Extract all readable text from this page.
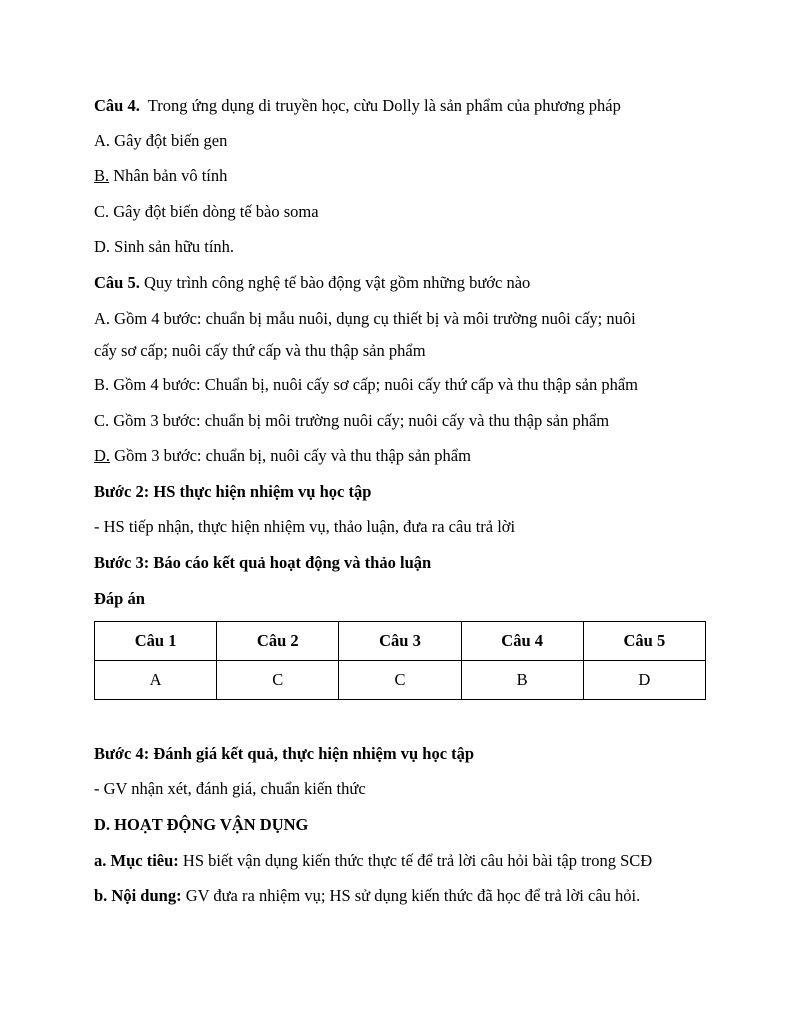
Câu 4. Trong ứng dụng di truyền học, cừu Dolly là sản phẩm của phương pháp
A. Gây đột biến gen
B. Nhân bản vô tính
C. Gây đột biến dòng tế bào soma
D. Sinh sản hữu tính.
Câu 5. Quy trình công nghệ tế bào động vật gồm những bước nào
A. Gồm 4 bước: chuẩn bị mẫu nuôi, dụng cụ thiết bị và môi trường nuôi cấy; nuôi
cấy sơ cấp; nuôi cấy thứ cấp và thu thập sản phẩm
B. Gồm 4 bước: Chuẩn bị, nuôi cấy sơ cấp; nuôi cấy thứ cấp và thu thập sản phẩm
C. Gồm 3 bước: chuẩn bị môi trường nuôi cấy; nuôi cấy và thu thập sản phẩm
D. Gồm 3 bước: chuẩn bị, nuôi cấy và thu thập sản phẩm
Bước 2: HS thực hiện nhiệm vụ học tập
- HS tiếp nhận, thực hiện nhiệm vụ, thảo luận, đưa ra câu trả lời
Bước 3: Báo cáo kết quả hoạt động và thảo luận
Đáp án
Câu 1	Câu 2	Câu 3	Câu 4	Câu 5
A	C	C	B	D
Bước 4: Đánh giá kết quả, thực hiện nhiệm vụ học tập
- GV nhận xét, đánh giá, chuẩn kiến thức
D. HOẠT ĐỘNG VẬN DỤNG
a. Mục tiêu: HS biết vận dụng kiến thức thực tế để trả lời câu hỏi bài tập trong SCĐ
b. Nội dung: GV đưa ra nhiệm vụ; HS sử dụng kiến thức đã học để trả lời câu hỏi.
